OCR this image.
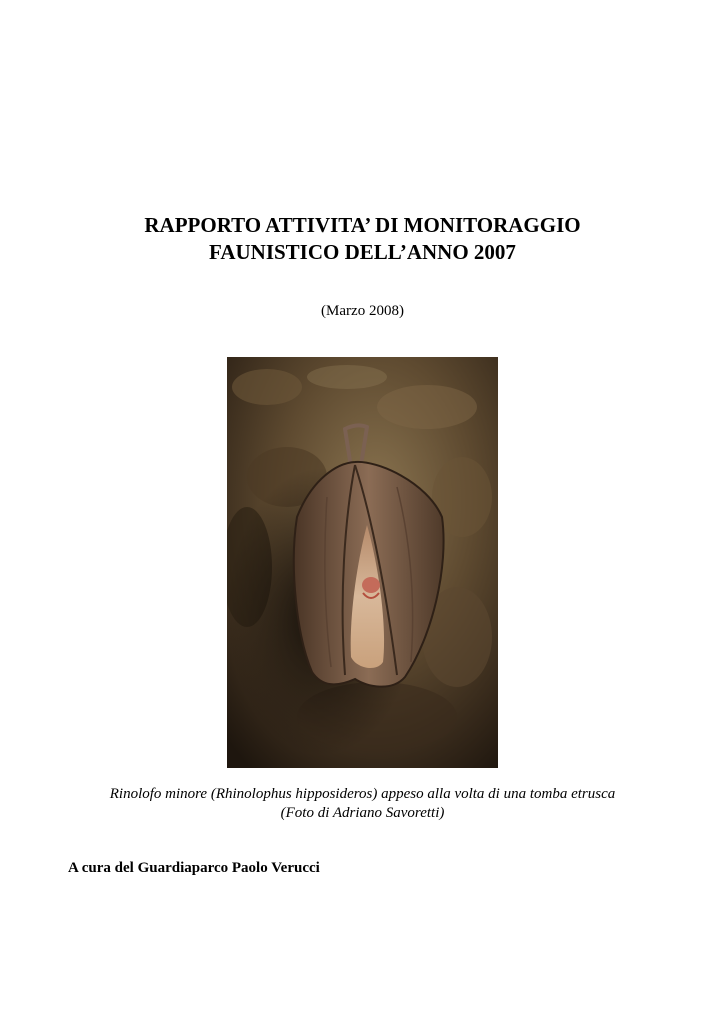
RAPPORTO ATTIVITA’ DI MONITORAGGIO
FAUNISTICO DELL’ANNO 2007
(Marzo 2008)
Rinolofo minore (Rhinolophus hipposideros) appeso alla volta di una tomba etrusca
(Foto di Adriano Savoretti)
A cura del Guardiaparco Paolo Verucci
